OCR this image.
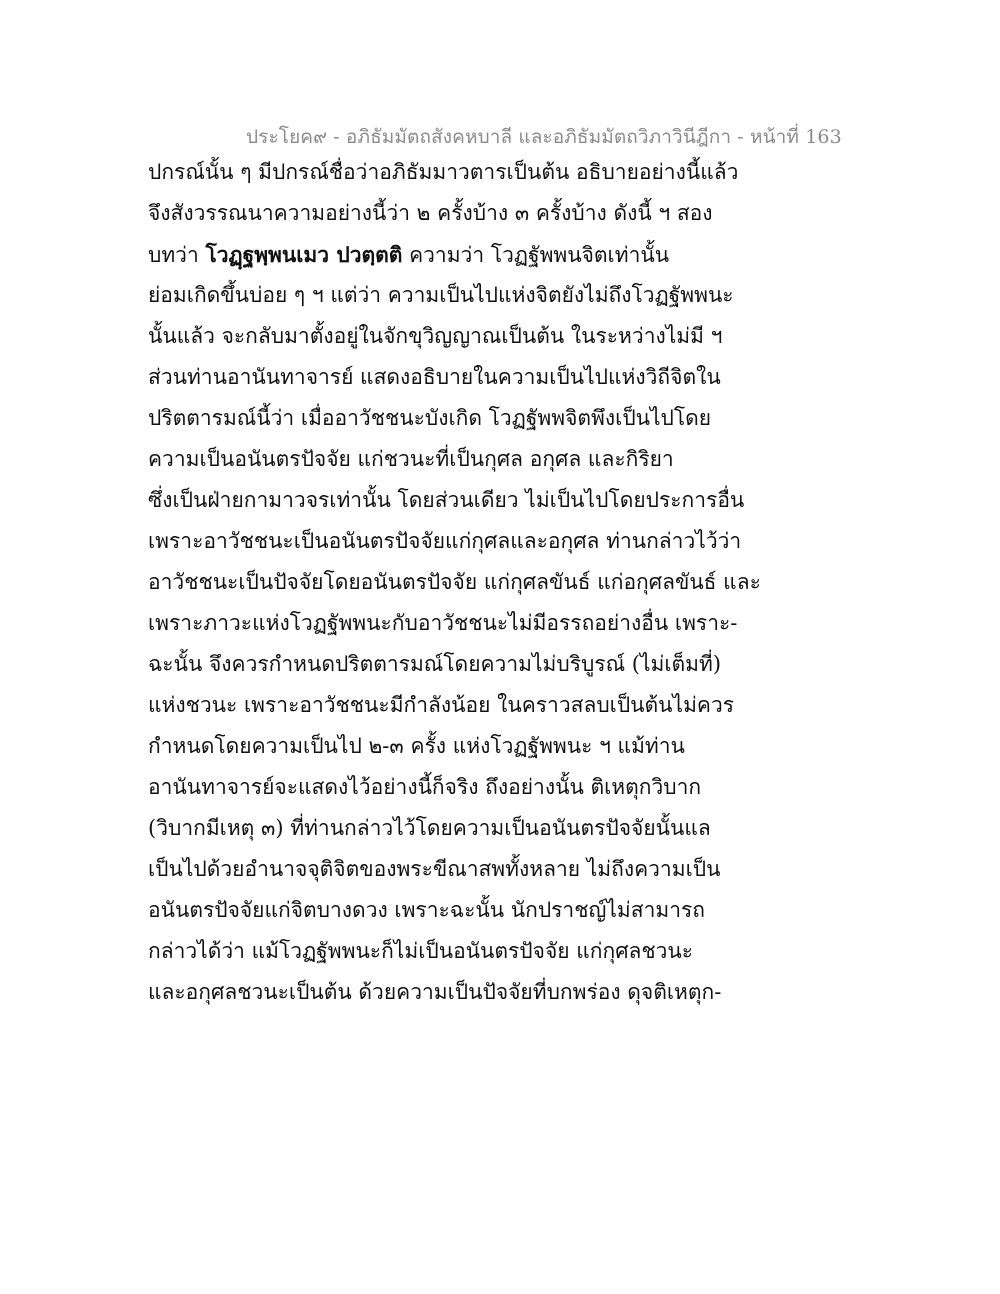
ประโยค๙ - อภิธัมมัตถสังคหบาลี และอภิธัมมัตถวิภาวินีฎีกา - หน้าที่ 163
ปกรณ์นั้น ๆ มีปกรณ์ชื่อว่าอภิธัมมาวตารเป็นต้น อธิบายอย่างนี้แล้ว
จึงสังวรรณนาความอย่างนี้ว่า ๒ ครั้งบ้าง ๓ ครั้งบ้าง ดังนี้ ฯ สอง
บทว่า โวฏฺฐพฺพนเมว ปวตฺตติ ความว่า โวฏฐัพพนจิตเท่านั้น
ย่อมเกิดขึ้นบ่อย ๆ ฯ แต่ว่า ความเป็นไปแห่งจิตยังไม่ถึงโวฏฐัพพนะ
นั้นแล้ว จะกลับมาตั้งอยู่ในจักขุวิญญาณเป็นต้น ในระหว่างไม่มี ฯ
ส่วนท่านอานันทาจารย์ แสดงอธิบายในความเป็นไปแห่งวิถีจิตใน
ปริตตารมณ์นี้ว่า เมื่ออาวัชชนะบังเกิด โวฏฐัพพจิตพึงเป็นไปโดย
ความเป็นอนันตรปัจจัย แก่ชวนะที่เป็นกุศล อกุศล และกิริยา
ซึ่งเป็นฝ่ายกามาวจรเท่านั้น โดยส่วนเดียว ไม่เป็นไปโดยประการอื่น
เพราะอาวัชชนะเป็นอนันตรปัจจัยแก่กุศลและอกุศล ท่านกล่าวไว้ว่า
อาวัชชนะเป็นปัจจัยโดยอนันตรปัจจัย แก่กุศลขันธ์ แก่อกุศลขันธ์ และ
เพราะภาวะแห่งโวฏฐัพพนะกับอาวัชชนะไม่มีอรรถอย่างอื่น เพราะ-
ฉะนั้น จึงควรกำหนดปริตตารมณ์โดยความไม่บริบูรณ์ (ไม่เต็มที่)
แห่งชวนะ เพราะอาวัชชนะมีกำลังน้อย ในคราวสลบเป็นต้นไม่ควร
กำหนดโดยความเป็นไป ๒-๓ ครั้ง แห่งโวฏฐัพพนะ ฯ แม้ท่าน
อานันทาจารย์จะแสดงไว้อย่างนี้ก็จริง ถึงอย่างนั้น ติเหตุกวิบาก
(วิบากมีเหตุ ๓) ที่ท่านกล่าวไว้โดยความเป็นอนันตรปัจจัยนั้นแล
เป็นไปด้วยอำนาจจุติจิตของพระขีณาสพทั้งหลาย ไม่ถึงความเป็น
อนันตรปัจจัยแก่จิตบางดวง เพราะฉะนั้น นักปราชญ์ไม่สามารถ
กล่าวได้ว่า แม้โวฏฐัพพนะก็ไม่เป็นอนันตรปัจจัย แก่กุศลชวนะ
และอกุศลชวนะเป็นต้น ด้วยความเป็นปัจจัยที่บกพร่อง ดุจติเหตุก-
